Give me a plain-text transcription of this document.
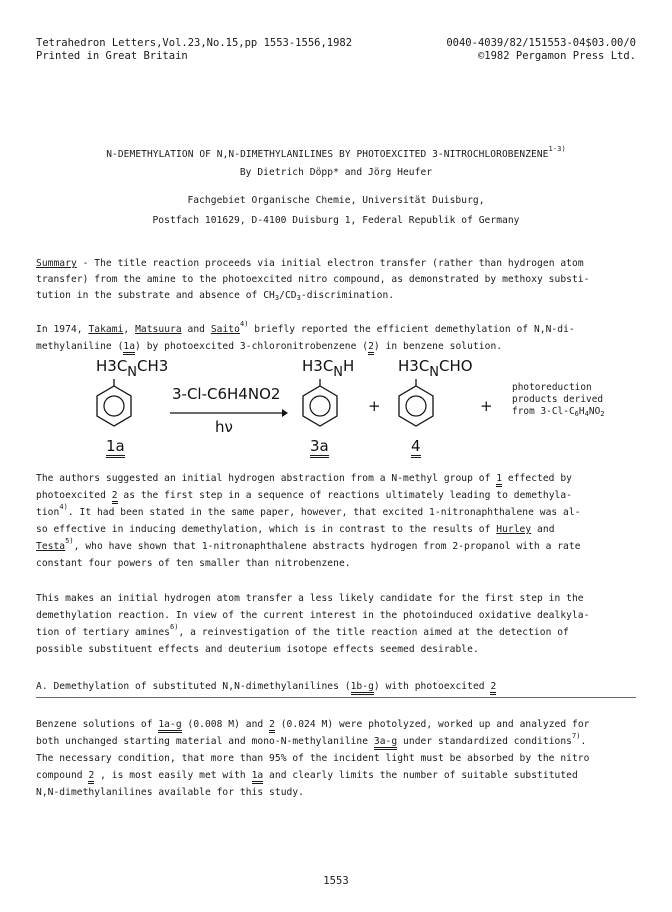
Tetrahedron Letters,Vol.23,No.15,pp 1553-1556,1982
Printed in Great Britain
0040-4039/82/151553-04$03.00/0
©1982 Pergamon Press Ltd.
N-DEMETHYLATION OF N,N-DIMETHYLANILINES BY PHOTOEXCITED 3-NITROCHLOROBENZENE$^{1-3)}$
By Dietrich Döpp* and Jörg Heufer
Fachgebiet Organische Chemie, Universität Duisburg,
Postfach 101629, D-4100 Duisburg 1, Federal Republik of Germany
Summary - The title reaction proceeds via initial electron transfer (rather than hydrogen atom
transfer) from the amine to the photoexcited nitro compound, as demonstrated by methoxy substi-
tution in the substrate and absence of $CH_3/CD_3$-discrimination.
In 1974, Takami, Matsuura and Saito$^{4)}$ briefly reported the efficient demethylation of N,N-di-
methylaniline (1a) by photoexcited 3-chloronitrobenzene (2) in benzene solution.
H3CNCH3
1a
3-Cl-C6H4NO2
hν
H3CNH
3a
+
H3CNCHO
4
+
photoreduction
products derived
from $3-Cl-C_6H_4NO_2$
The authors suggested an initial hydrogen abstraction from a N-methyl group of 1 effected by
photoexcited 2 as the first step in a sequence of reactions ultimately leading to demethyla-
tion$^{4)}$. It had been stated in the same paper, however, that excited 1-nitronaphthalene was al-
so effective in inducing demethylation, which is in contrast to the results of Hurley and
Testa$^{5)}$, who have shown that 1-nitronaphthalene abstracts hydrogen from 2-propanol with a rate
constant four powers of ten smaller than nitrobenzene.
This makes an initial hydrogen atom transfer a less likely candidate for the first step in the
demethylation reaction. In view of the current interest in the photoinduced oxidative dealkyla-
tion of tertiary amines$^{6)}$, a reinvestigation of the title reaction aimed at the detection of
possible substituent effects and deuterium isotope effects seemed desirable.
A. Demethylation of substituted N,N-dimethylanilines (1b-g) with photoexcited 2
Benzene solutions of 1a-g (0.008 M) and 2 (0.024 M) were photolyzed, worked up and analyzed for
both unchanged starting material and mono-N-methylaniline 3a-g under standardized conditions$^{7)}$.
The necessary condition, that more than 95% of the incident light must be absorbed by the nitro
compound 2 , is most easily met with 1a and clearly limits the number of suitable substituted
N,N-dimethylanilines available for this study.
1553
